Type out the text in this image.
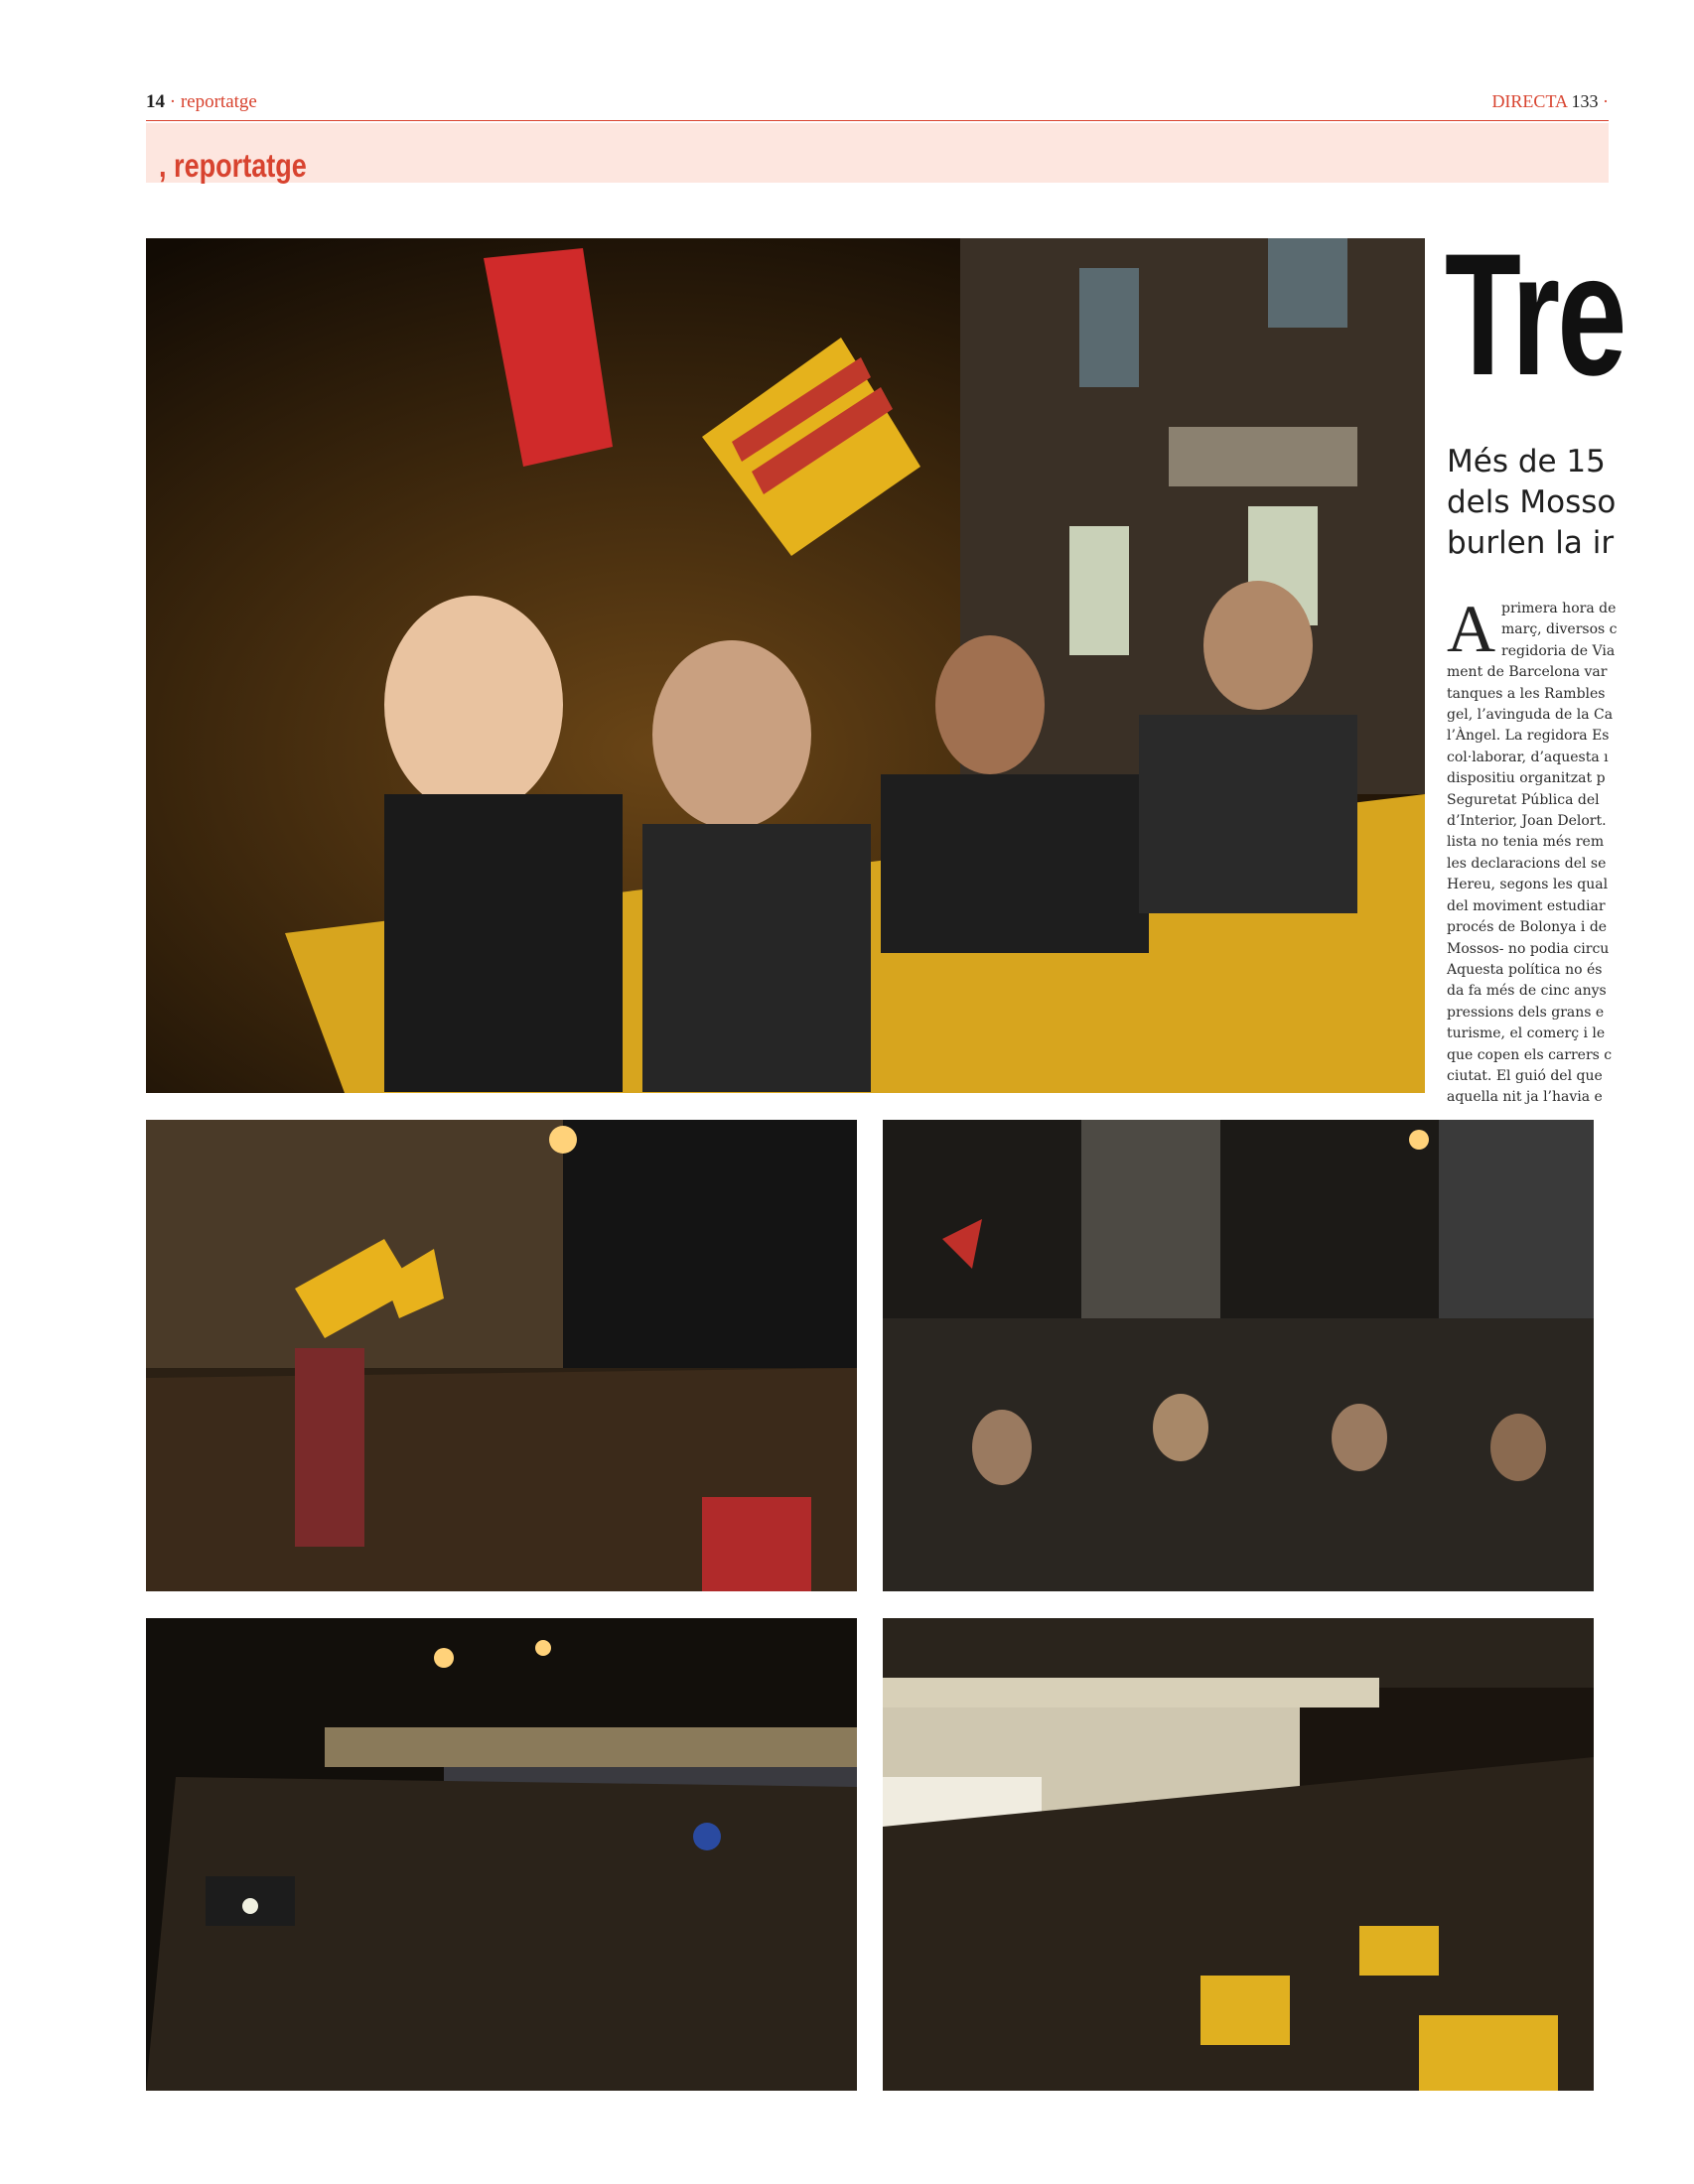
14 · reportatge	DIRECTA 133 ·
, reportatge
Tre
Més de 15
dels Mosso
burlen la ir
A primera hora de
març, diversos c
regidoria de Via
ment de Barcelona var
tanques a les Rambles
gel, l’avinguda de la Ca
l’Àngel. La regidora Es
col·laborar, d’aquesta ı
dispositiu organitzat p
Seguretat Pública del
d’Interior, Joan Delort.
lista no tenia més rem
les declaracions del se
Hereu, segons les qual
del moviment estudiar
procés de Bolonya i de
Mossos- no podia circu
Aquesta política no és
da fa més de cinc anys
pressions dels grans e
turisme, el comerç i le
que copen els carrers c
ciutat. El guió del que
aquella nit ja l’havia e
